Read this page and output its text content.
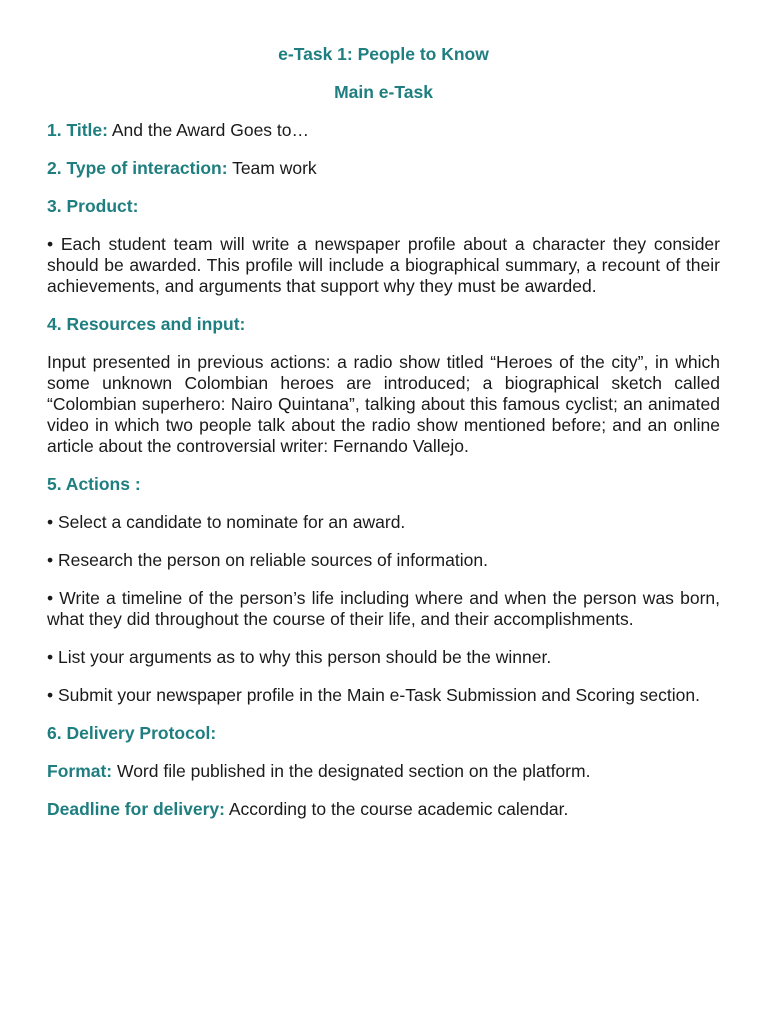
e-Task 1: People to Know

Main e-Task

1. Title: And the Award Goes to…

2. Type of interaction: Team work

3. Product:

• Each student team will write a newspaper profile about a character they consider should be awarded. This profile will include a biographical summary, a recount of their achievements, and arguments that support why they must be awarded.

4. Resources and input:

Input presented in previous actions: a radio show titled “Heroes of the city”, in which some unknown Colombian heroes are introduced; a biographical sketch called “Colombian superhero: Nairo Quintana”, talking about this famous cyclist; an animated video in which two people talk about the radio show mentioned before; and an online article about the controversial writer: Fernando Vallejo.

5. Actions :

• Select a candidate to nominate for an award.

• Research the person on reliable sources of information.

• Write a timeline of the person’s life including where and when the person was born, what they did throughout the course of their life, and their accomplishments.

• List your arguments as to why this person should be the winner.

• Submit your newspaper profile in the Main e-Task Submission and Scoring section.

6. Delivery Protocol:

Format: Word file published in the designated section on the platform.

Deadline for delivery: According to the course academic calendar.
